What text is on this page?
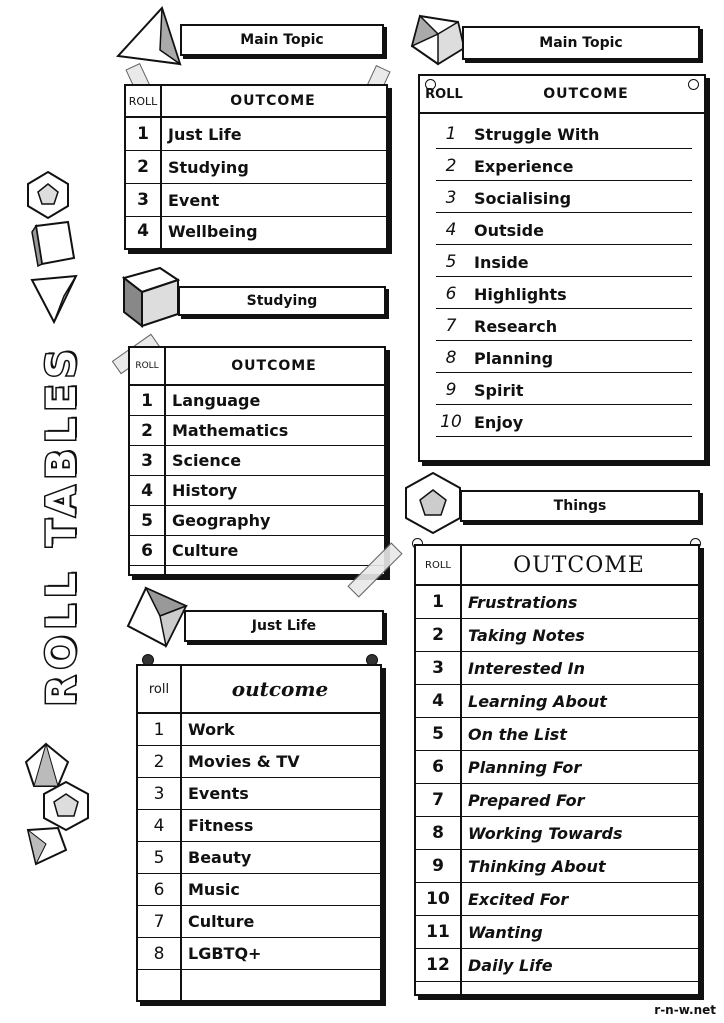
ROLL TABLES
Main Topic
ROLL	OUTCOME
1	Just Life
2	Studying
3	Event
4	Wellbeing
Studying
ROLL	OUTCOME
1	Language
2	Mathematics
3	Science
4	History
5	Geography
6	Culture
Just Life
roll	outcome
1	Work
2	Movies & TV
3	Events
4	Fitness
5	Beauty
6	Music
7	Culture
8	LGBTQ+
Main Topic
ROLL	OUTCOME
1	Struggle With
2	Experience
3	Socialising
4	Outside
5	Inside
6	Highlights
7	Research
8	Planning
9	Spirit
10 Enjoy
Things
ROLL	OUTCOME
1	Frustrations
2	Taking Notes
3	Interested In
4	Learning About
5	On the List
6	Planning For
7	Prepared For
8	Working Towards
9	Thinking About
10	Excited For
11	Wanting
12	Daily Life
r-n-w.net
